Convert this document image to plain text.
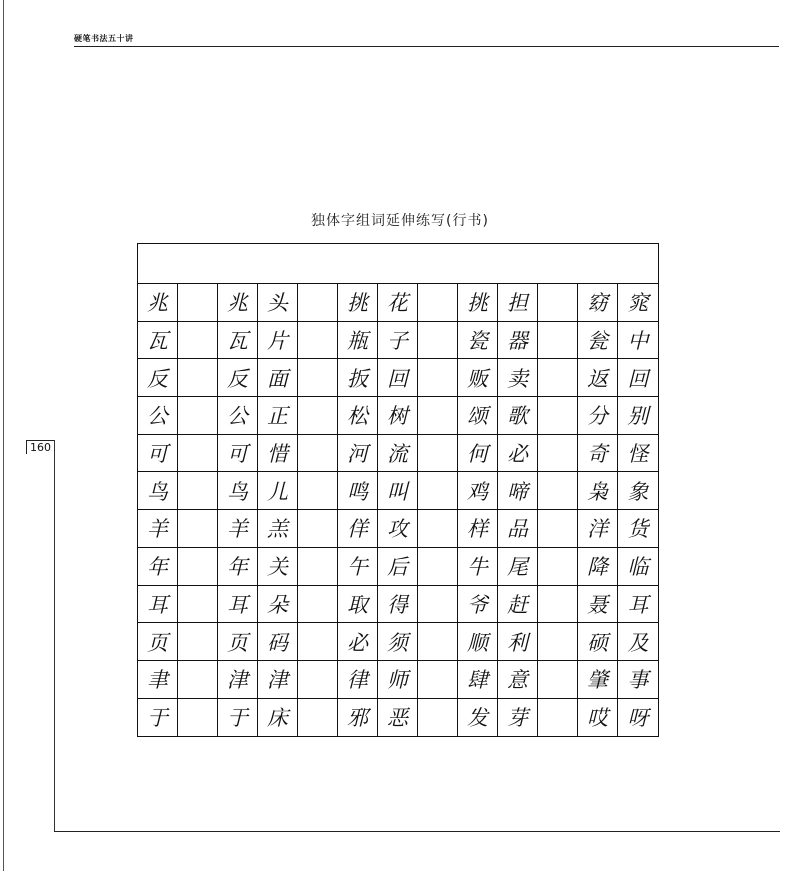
硬笔书法五十讲
160
独体字组词延伸练写(行书)
兆	兆 头	挑 花	挑 担	窈 窕
瓦	瓦 片	瓶 子	瓷 器	瓮 中
反	反 面	扳 回	贩 卖	返 回
公	公 正	松 树	颂 歌	分 别
可	可 惜	河 流	何 必	奇 怪
鸟	鸟 儿	鸣 叫	鸡 啼	枭 象
羊	羊 羔	佯 攻	样 品	洋 货
年	年 关	午 后	牛 尾	降 临
耳	耳 朵	取 得	爷 赶	聂 耳
页	页 码	必 须	顺 利	硕 及
聿	津 津	律 师	肆 意	肇 事
于	于 床	邪 恶	发 芽	哎 呀
